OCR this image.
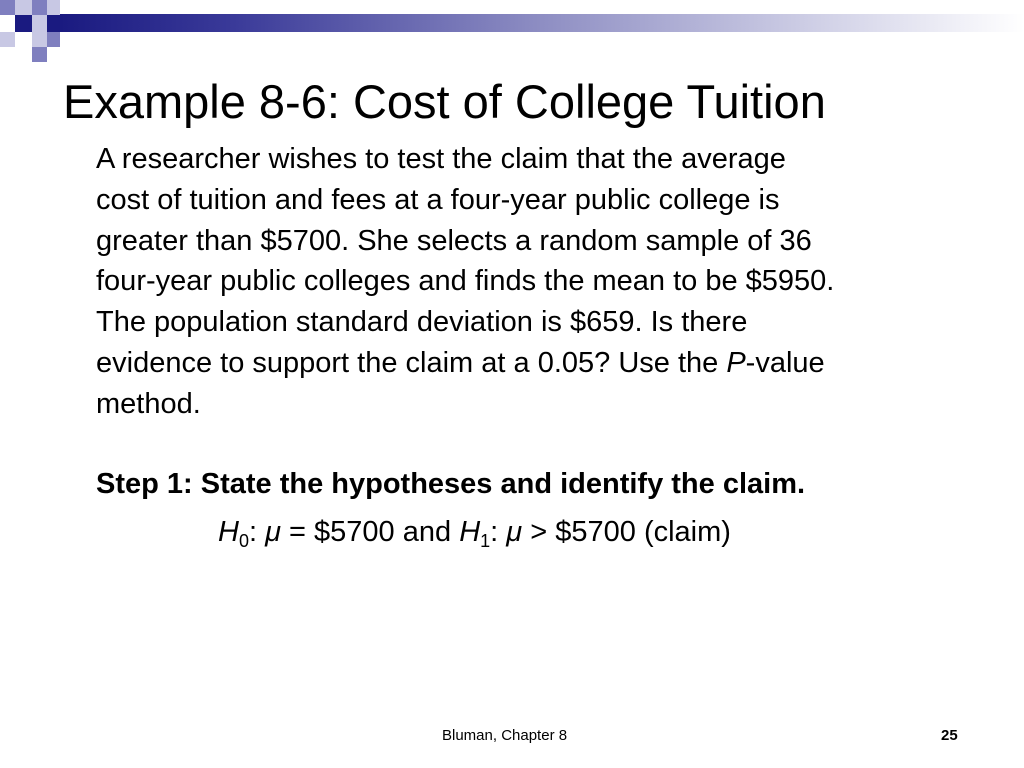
Example 8-6: Cost of College Tuition
A researcher wishes to test the claim that the average
cost of tuition and fees at a four-year public college is
greater than $5700. She selects a random sample of 36
four-year public colleges and finds the mean to be $5950.
The population standard deviation is $659. Is there
evidence to support the claim at a 0.05? Use the P-value
method.
Step 1: State the hypotheses and identify the claim.
$H_0$: μ = $5700 and $H_1$: μ > $5700 (claim)
Bluman, Chapter 8	25
